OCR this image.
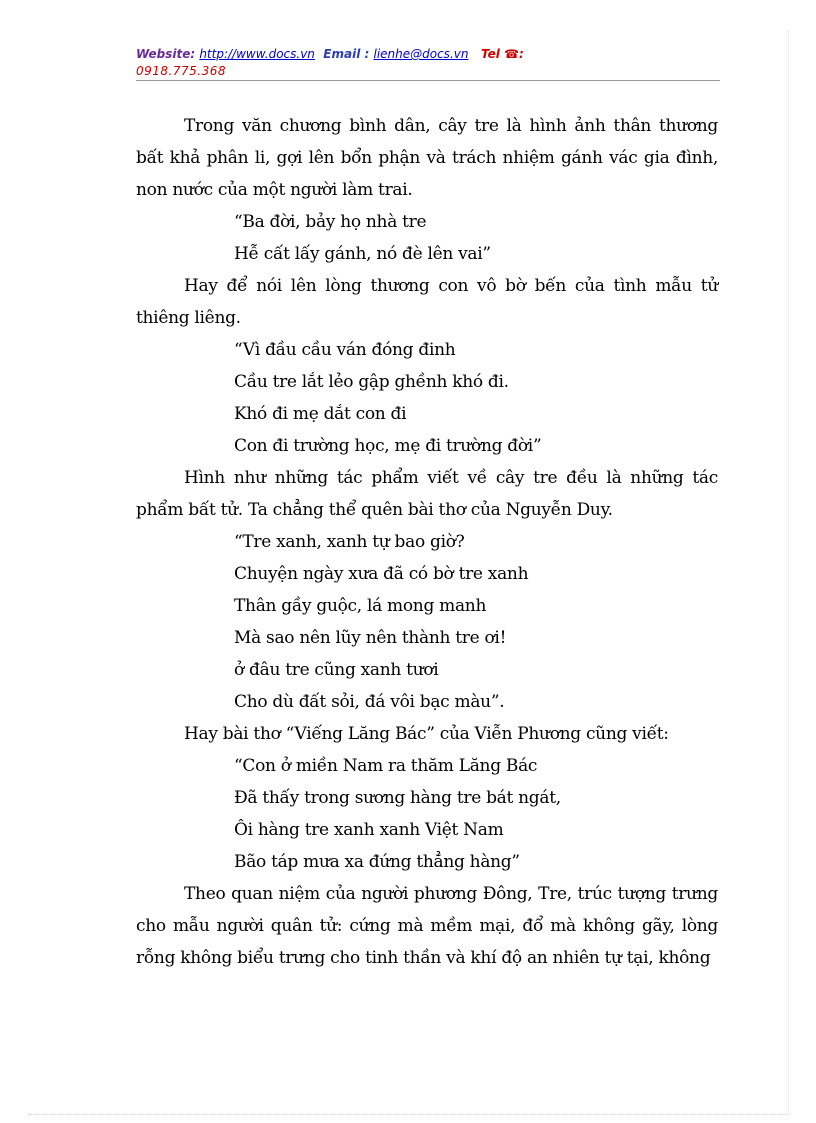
Website: http://www.docs.vn Email : lienhe@docs.vn Tel ☎:
0918.775.368

Trong văn chương bình dân, cây tre là hình ảnh thân thương bất khả phân li, gợi lên bổn phận và trách nhiệm gánh vác gia đình, non nước của một người làm trai.

“Ba đời, bảy họ nhà tre

Hễ cất lấy gánh, nó đè lên vai”

Hay để nói lên lòng thương con vô bờ bến của tình mẫu tử thiêng liêng.

“Vì đầu cầu ván đóng đinh

Cầu tre lắt lẻo gập ghềnh khó đi.

Khó đi mẹ dắt con đi

Con đi trường học, mẹ đi trường đời”

Hình như những tác phẩm viết về cây tre đều là những tác phẩm bất tử. Ta chẳng thể quên bài thơ của Nguyễn Duy.

“Tre xanh, xanh tự bao giờ?

Chuyện ngày xưa đã có bờ tre xanh

Thân gầy guộc, lá mong manh

Mà sao nên lũy nên thành tre ơi!

ở đâu tre cũng xanh tươi

Cho dù đất sỏi, đá vôi bạc màu”.

Hay bài thơ “Viếng Lăng Bác” của Viễn Phương cũng viết:

“Con ở miền Nam ra thăm Lăng Bác

Đã thấy trong sương hàng tre bát ngát,

Ôi hàng tre xanh xanh Việt Nam

Bão táp mưa xa đứng thẳng hàng”

Theo quan niệm của người phương Đông, Tre, trúc tượng trưng cho mẫu người quân tử: cứng mà mềm mại, đổ mà không gãy, lòng rỗng không biểu trưng cho tinh thần và khí độ an nhiên tự tại, không
